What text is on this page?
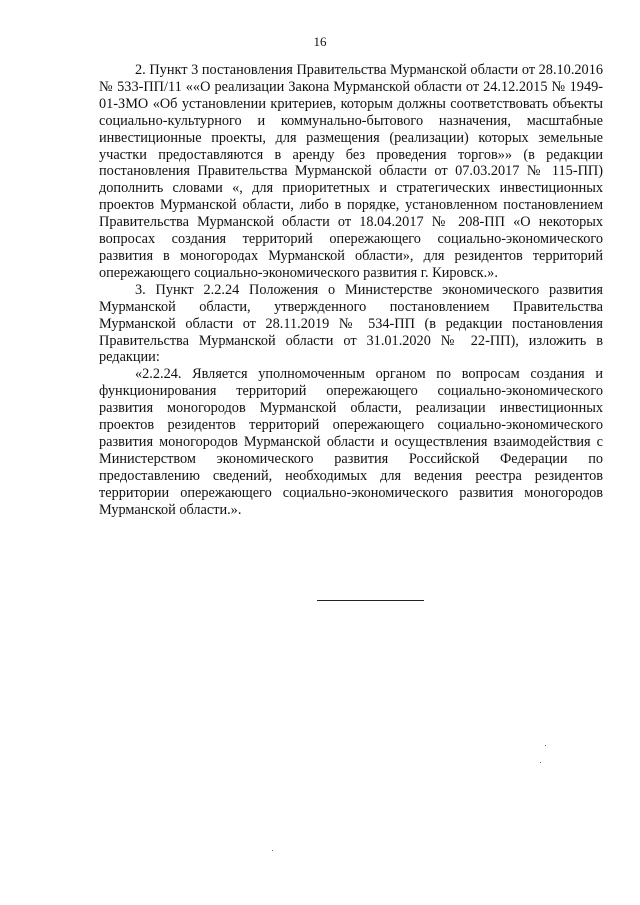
16

2. Пункт 3 постановления Правительства Мурманской области от 28.10.2016 № 533-ПП/11 ««О реализации Закона Мурманской области от 24.12.2015 № 1949-01-ЗМО «Об установлении критериев, которым должны соответствовать объекты социально-культурного и коммунально-бытового назначения, масштабные инвестиционные проекты, для размещения (реализации) которых земельные участки предоставляются в аренду без проведения торгов»» (в редакции постановления Правительства Мурманской области от 07.03.2017 № 115-ПП) дополнить словами «, для приоритетных и стратегических инвестиционных проектов Мурманской области, либо в порядке, установленном постановлением Правительства Мурманской области от 18.04.2017 № 208-ПП «О некоторых вопросах создания территорий опережающего социально-экономического развития в моногородах Мурманской области», для резидентов территорий опережающего социально-экономического развития г. Кировск.».

3. Пункт 2.2.24 Положения о Министерстве экономического развития Мурманской области, утвержденного постановлением Правительства Мурманской области от 28.11.2019 № 534-ПП (в редакции постановления Правительства Мурманской области от 31.01.2020 № 22-ПП), изложить в редакции:

«2.2.24. Является уполномоченным органом по вопросам создания и функционирования территорий опережающего социально-экономического развития моногородов Мурманской области, реализации инвестиционных проектов резидентов территорий опережающего социально-экономического развития моногородов Мурманской области и осуществления взаимодействия с Министерством экономического развития Российской Федерации по предоставлению сведений, необходимых для ведения реестра резидентов территории опережающего социально-экономического развития моногородов Мурманской области.».
